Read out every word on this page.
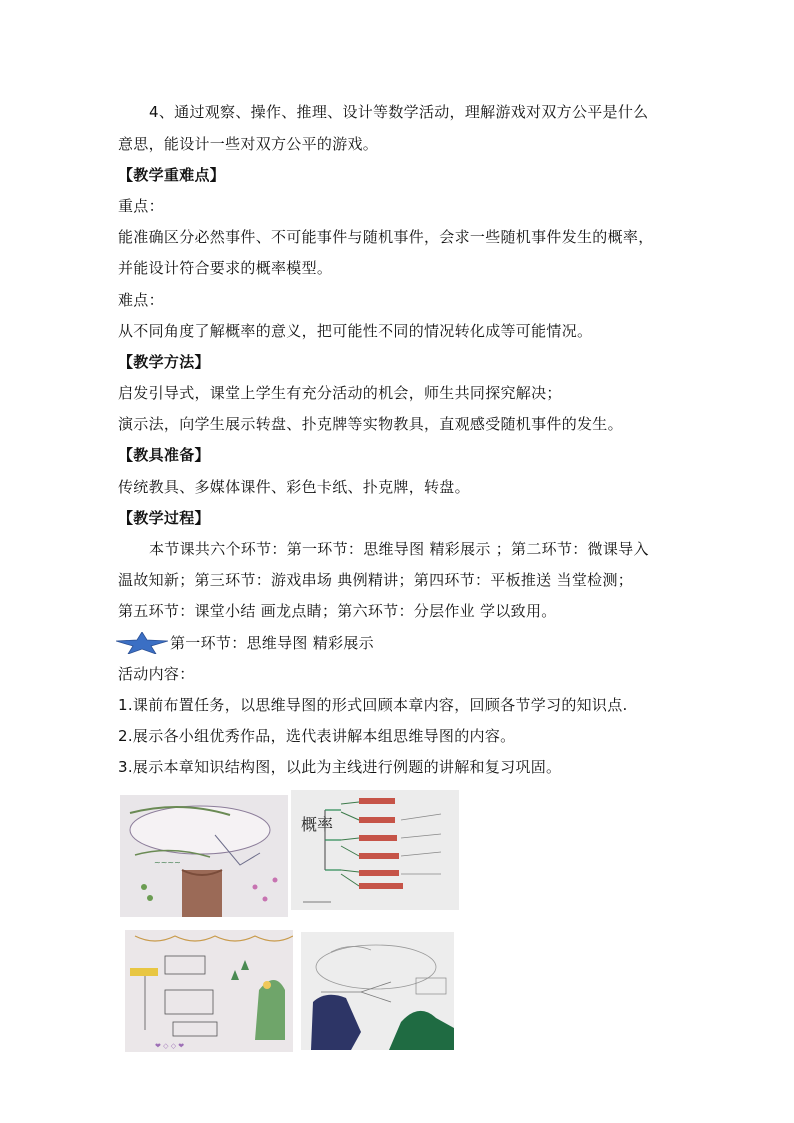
4、通过观察、操作、推理、设计等数学活动，理解游戏对双方公平是什么
意思，能设计一些对双方公平的游戏。
【教学重难点】
重点：
能准确区分必然事件、不可能事件与随机事件，会求一些随机事件发生的概率，
并能设计符合要求的概率模型。
难点：
从不同角度了解概率的意义，把可能性不同的情况转化成等可能情况。
【教学方法】
启发引导式，课堂上学生有充分活动的机会，师生共同探究解决；
演示法，向学生展示转盘、扑克牌等实物教具，直观感受随机事件的发生。
【教具准备】
传统教具、多媒体课件、彩色卡纸、扑克牌，转盘。
【教学过程】
本节课共六个环节：第一环节：思维导图 精彩展示 ；第二环节：微课导入
温故知新；第三环节：游戏串场 典例精讲；第四环节：平板推送 当堂检测；
第五环节：课堂小结 画龙点睛；第六环节：分层作业 学以致用。
第一环节：思维导图 精彩展示
活动内容：
1.课前布置任务，以思维导图的形式回顾本章内容，回顾各节学习的知识点.
2.展示各小组优秀作品，选代表讲解本组思维导图的内容。
3.展示本章知识结构图，以此为主线进行例题的讲解和复习巩固。
~~~~
概率
❤ ◇ ◇ ❤
